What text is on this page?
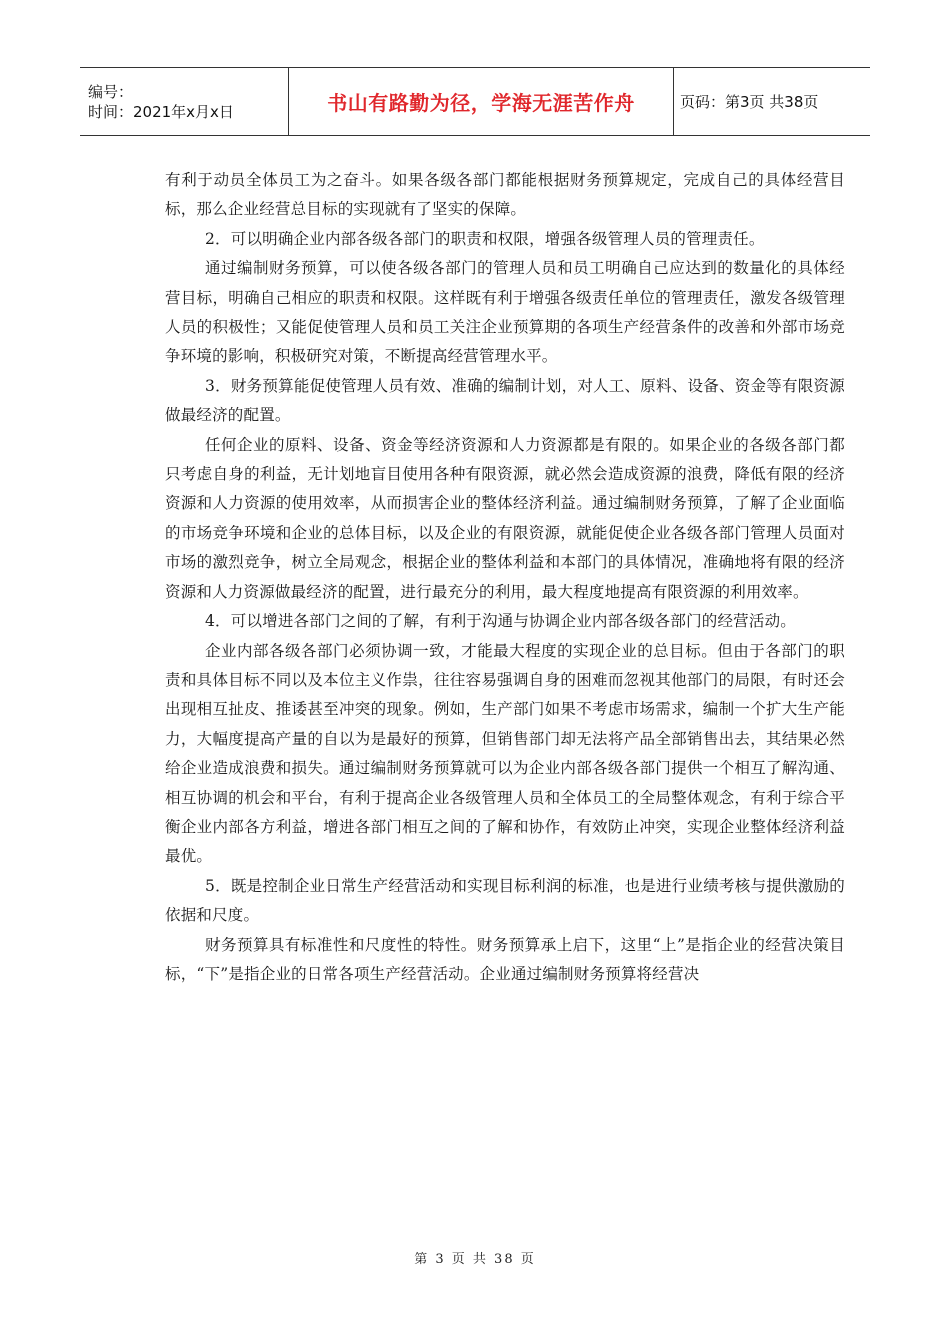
编号：
时间：2021年x月x日	书山有路勤为径，学海无涯苦作舟	页码：第3页 共38页

有利于动员全体员工为之奋斗。如果各级各部门都能根据财务预算规定，完成自己的具体经营目标，那么企业经营总目标的实现就有了坚实的保障。

2．可以明确企业内部各级各部门的职责和权限，增强各级管理人员的管理责任。

通过编制财务预算，可以使各级各部门的管理人员和员工明确自己应达到的数量化的具体经营目标，明确自己相应的职责和权限。这样既有利于增强各级责任单位的管理责任，激发各级管理人员的积极性；又能促使管理人员和员工关注企业预算期的各项生产经营条件的改善和外部市场竞争环境的影响，积极研究对策，不断提高经营管理水平。

3．财务预算能促使管理人员有效、准确的编制计划，对人工、原料、设备、资金等有限资源做最经济的配置。

任何企业的原料、设备、资金等经济资源和人力资源都是有限的。如果企业的各级各部门都只考虑自身的利益，无计划地盲目使用各种有限资源，就必然会造成资源的浪费，降低有限的经济资源和人力资源的使用效率，从而损害企业的整体经济利益。通过编制财务预算，了解了企业面临的市场竞争环境和企业的总体目标，以及企业的有限资源，就能促使企业各级各部门管理人员面对市场的激烈竞争，树立全局观念，根据企业的整体利益和本部门的具体情况，准确地将有限的经济资源和人力资源做最经济的配置，进行最充分的利用，最大程度地提高有限资源的利用效率。

4．可以增进各部门之间的了解，有利于沟通与协调企业内部各级各部门的经营活动。

企业内部各级各部门必须协调一致，才能最大程度的实现企业的总目标。但由于各部门的职责和具体目标不同以及本位主义作祟，往往容易强调自身的困难而忽视其他部门的局限，有时还会出现相互扯皮、推诿甚至冲突的现象。例如，生产部门如果不考虑市场需求，编制一个扩大生产能力，大幅度提高产量的自以为是最好的预算，但销售部门却无法将产品全部销售出去，其结果必然给企业造成浪费和损失。通过编制财务预算就可以为企业内部各级各部门提供一个相互了解沟通、相互协调的机会和平台，有利于提高企业各级管理人员和全体员工的全局整体观念，有利于综合平衡企业内部各方利益，增进各部门相互之间的了解和协作，有效防止冲突，实现企业整体经济利益最优。

5．既是控制企业日常生产经营活动和实现目标利润的标准，也是进行业绩考核与提供激励的依据和尺度。

财务预算具有标准性和尺度性的特性。财务预算承上启下，这里“上”是指企业的经营决策目标，“下”是指企业的日常各项生产经营活动。企业通过编制财务预算将经营决

第 3 页 共 38 页
